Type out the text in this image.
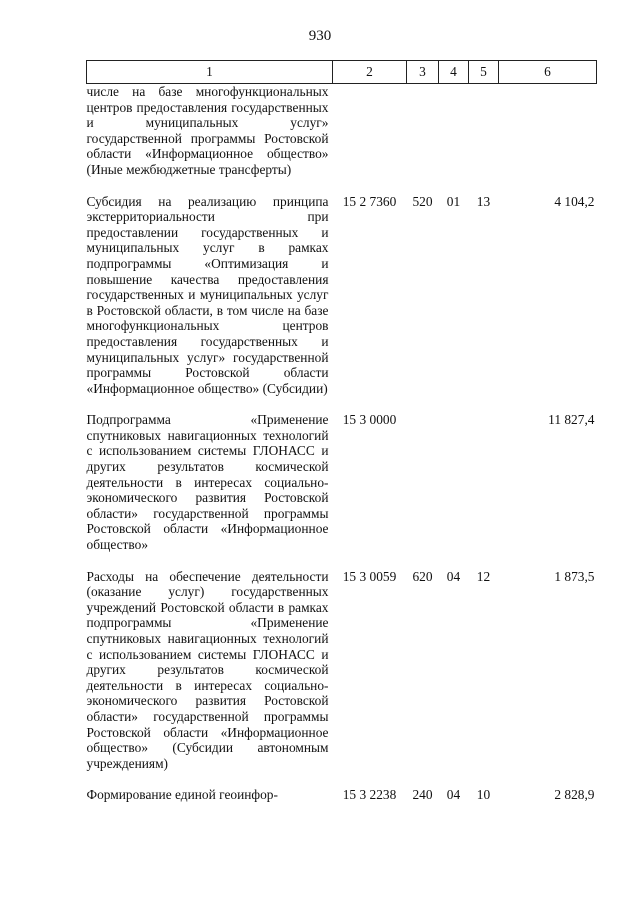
930
1	2	3	4	5	6
числе на базе многофункциональных центров предоставления государственных и муниципальных услуг» государственной программы Ростовской области «Информационное общество» (Иные межбюджетные трансферты)					

Субсидия на реализацию принципа экстерриториальности при предоставлении государственных и муниципальных услуг в рамках подпрограммы «Оптимизация и повышение качества предоставления государственных и муниципальных услуг в Ростовской области, в том числе на базе многофункциональных центров предоставления государственных и муниципальных услуг» государственной программы Ростовской области «Информационное общество» (Субсидии)	15 2 7360	520	01	13	4 104,2

Подпрограмма «Применение спутниковых навигационных технологий с использованием системы ГЛОНАСС и других результатов космической деятельности в интересах социально-экономического развития Ростовской области» государственной программы Ростовской области «Информационное общество»	15 3 0000				11 827,4

Расходы на обеспечение деятельности (оказание услуг) государственных учреждений Ростовской области в рамках подпрограммы «Применение спутниковых навигационных технологий с использованием системы ГЛОНАСС и других результатов космической деятельности в интересах социально-экономического развития Ростовской области» государственной программы Ростовской области «Информационное общество» (Субсидии автономным учреждениям)	15 3 0059	620	04	12	1 873,5

Формирование единой геоинфор-	15 3 2238	240	04	10	2 828,9
